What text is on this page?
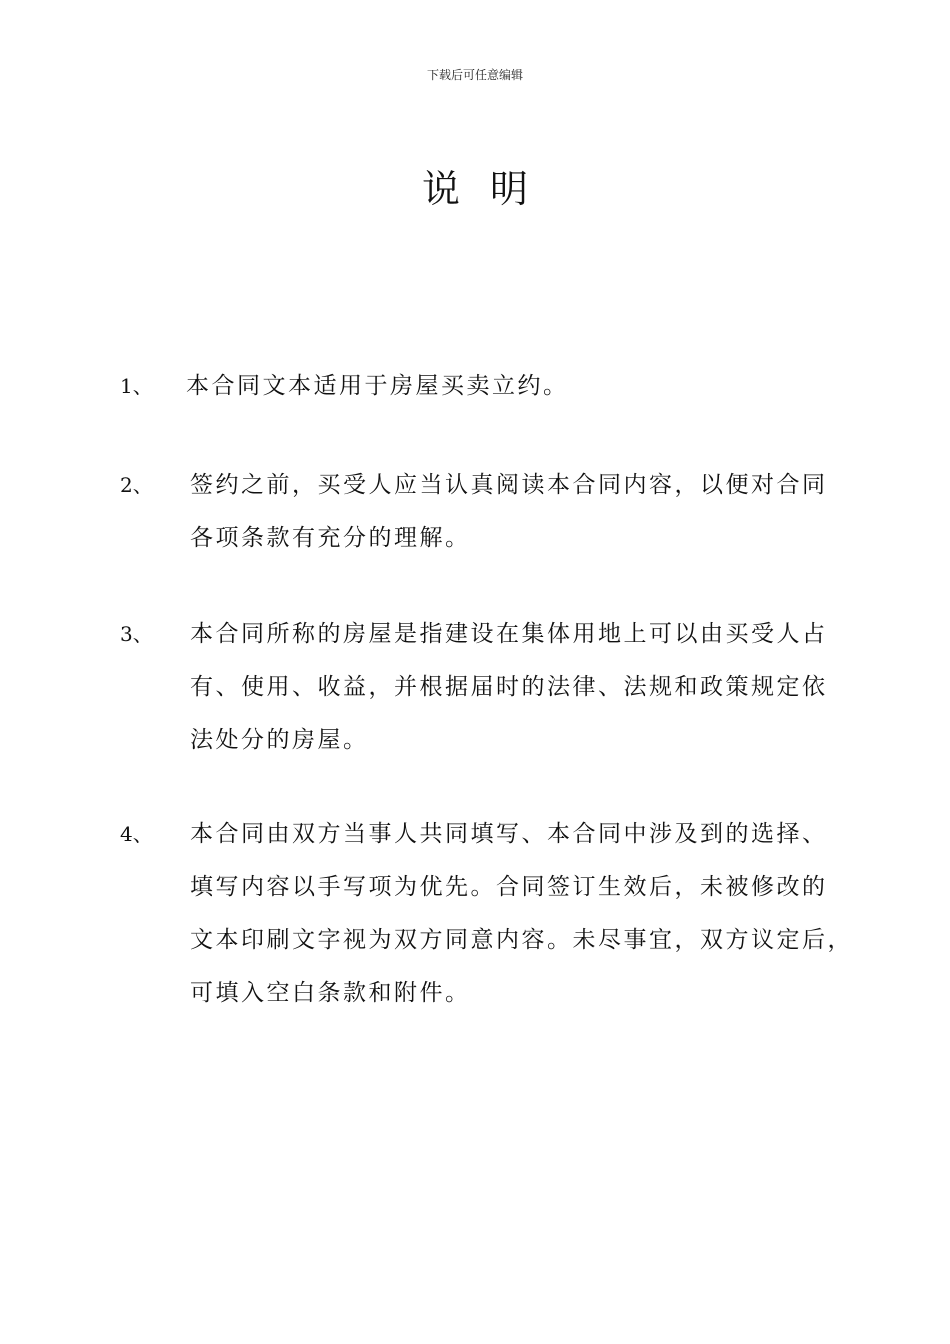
下载后可任意编辑
说明
1、	本合同文本适用于房屋买卖立约。
2、	签约之前，买受人应当认真阅读本合同内容，以便对合同
各项条款有充分的理解。
3、	本合同所称的房屋是指建设在集体用地上可以由买受人占
有、使用、收益，并根据届时的法律、法规和政策规定依
法处分的房屋。
4、	本合同由双方当事人共同填写、本合同中涉及到的选择、
填写内容以手写项为优先。合同签订生效后，未被修改的
文本印刷文字视为双方同意内容。未尽事宜，双方议定后，
可填入空白条款和附件。
